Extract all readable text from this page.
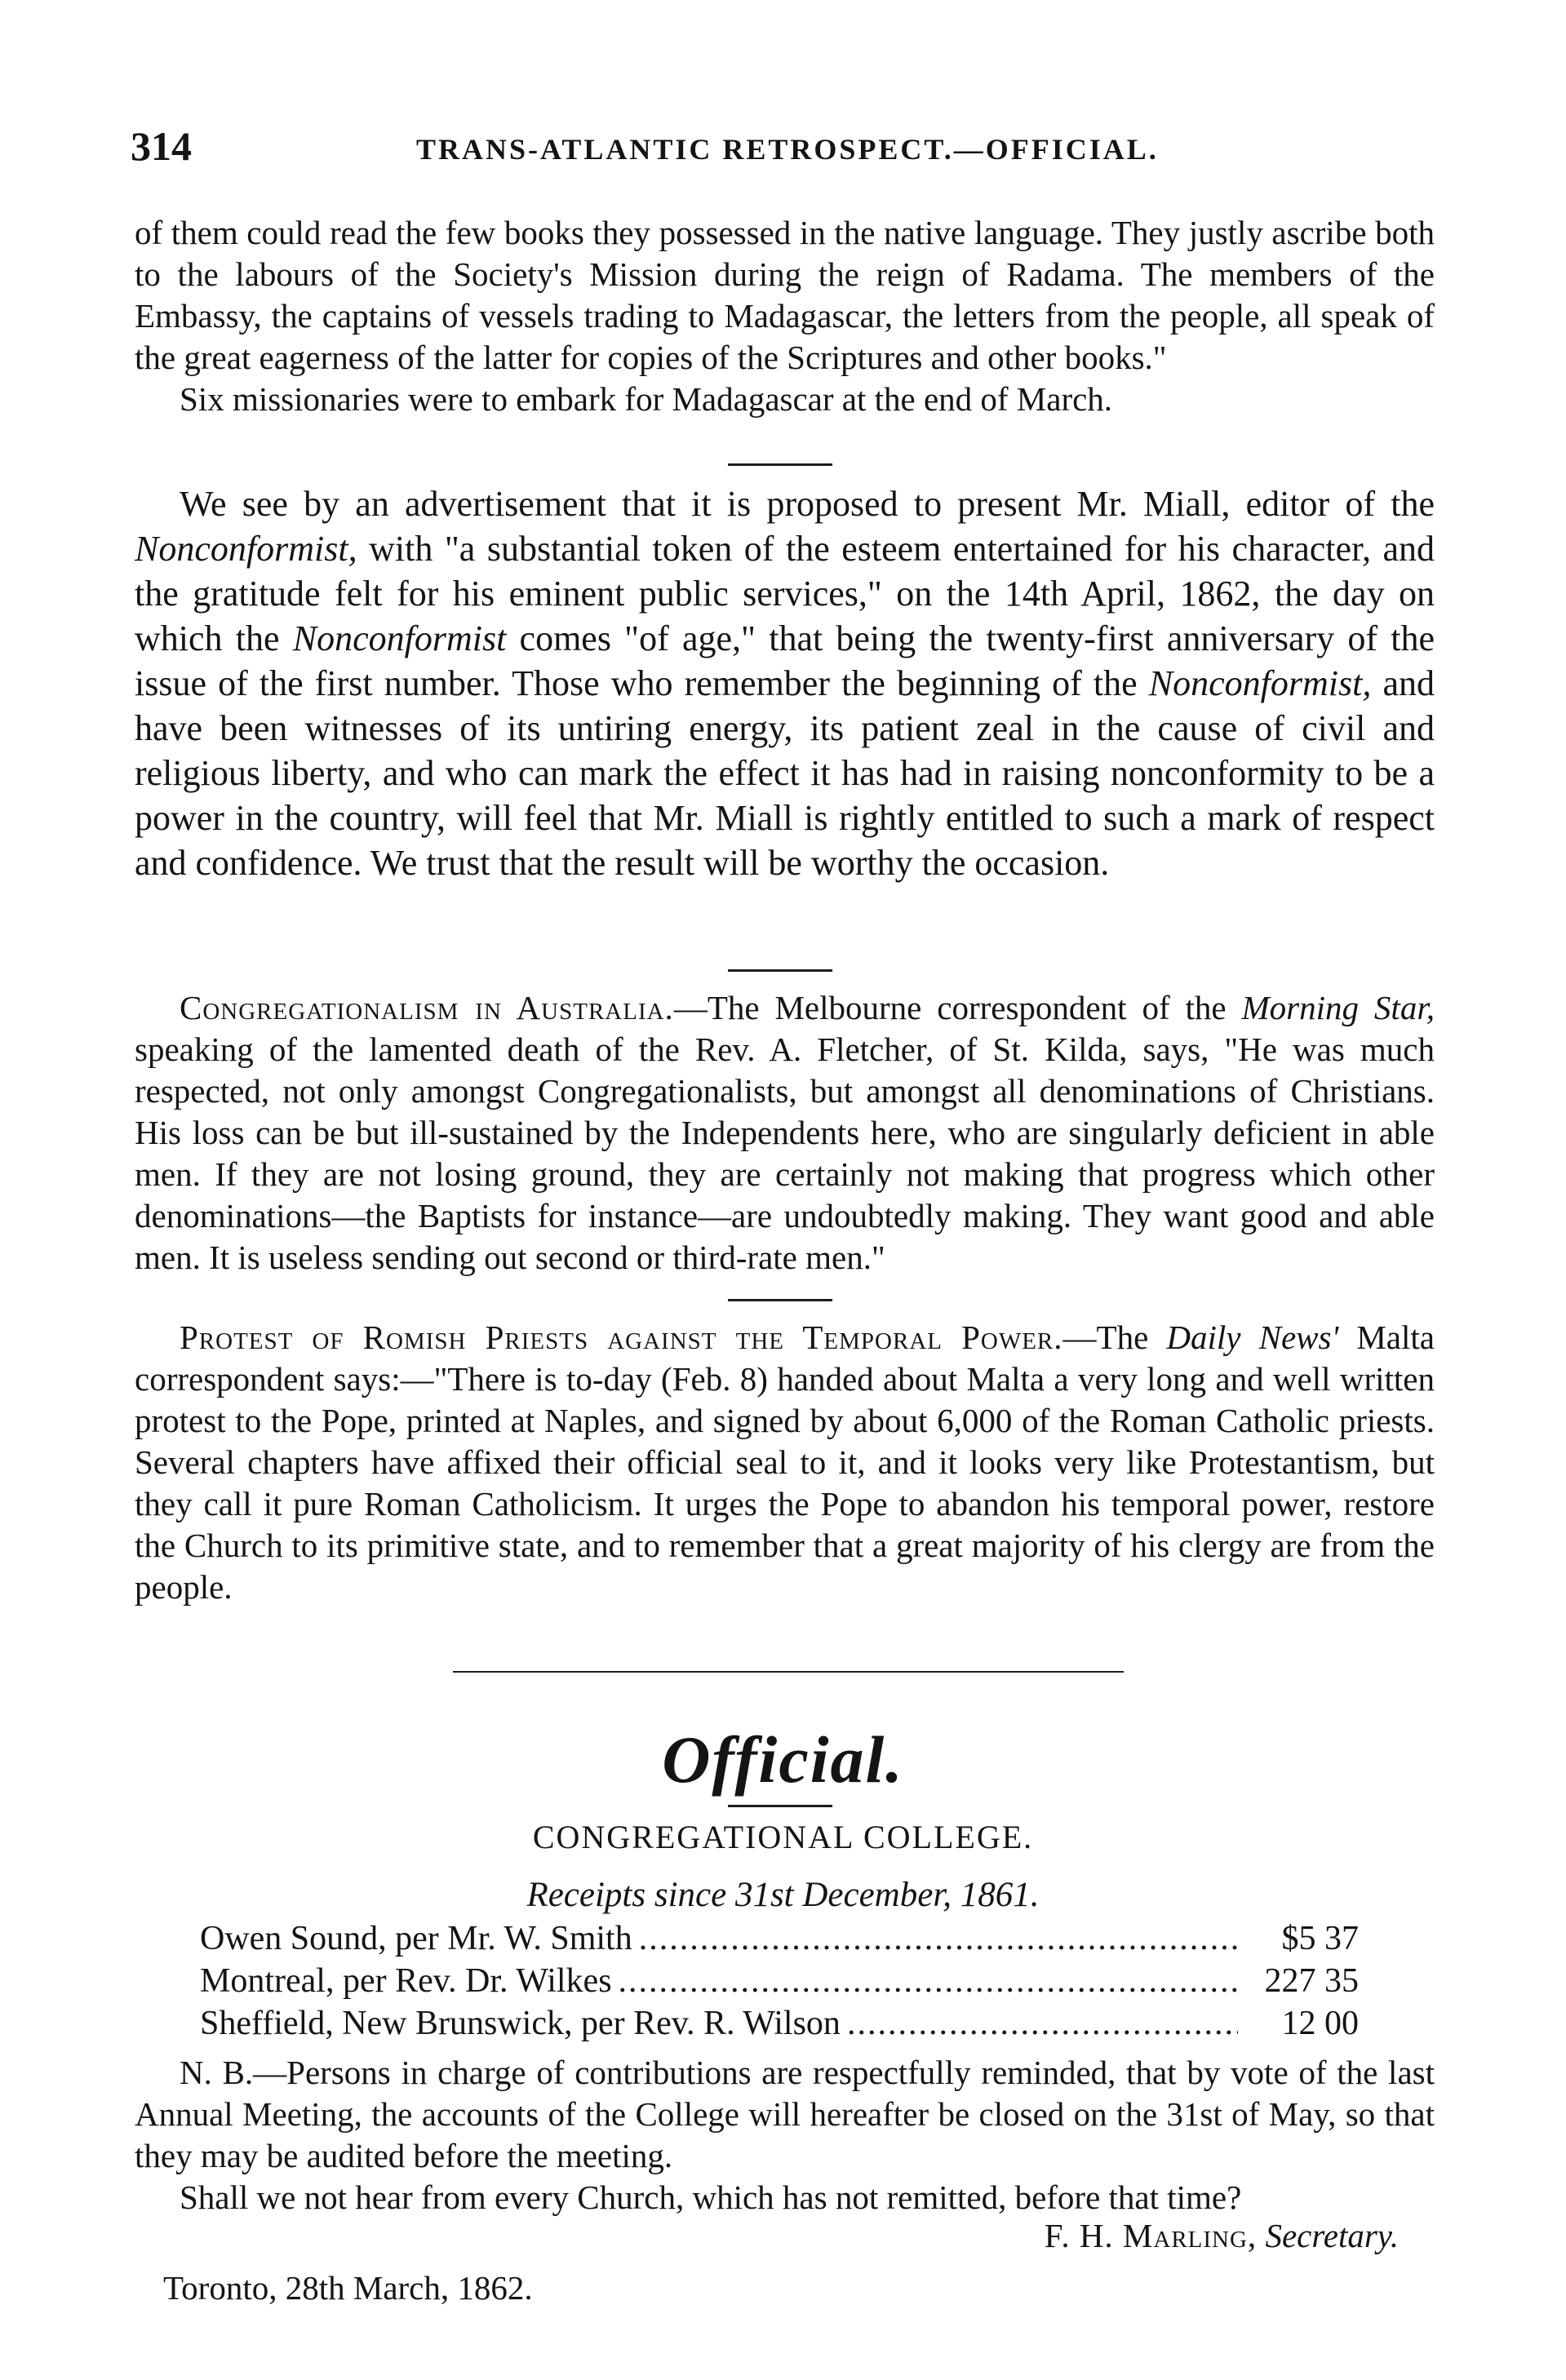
314	TRANS-ATLANTIC RETROSPECT.—OFFICIAL.

of them could read the few books they possessed in the native language. They justly ascribe both to the labours of the Society's Mission during the reign of Radama. The members of the Embassy, the captains of vessels trading to Madagascar, the letters from the people, all speak of the great eagerness of the latter for copies of the Scriptures and other books."

Six missionaries were to embark for Madagascar at the end of March.

We see by an advertisement that it is proposed to present Mr. Miall, editor of the Nonconformist, with "a substantial token of the esteem entertained for his character, and the gratitude felt for his eminent public services," on the 14th April, 1862, the day on which the Nonconformist comes "of age," that being the twenty-first anniversary of the issue of the first number. Those who remember the beginning of the Nonconformist, and have been witnesses of its untiring energy, its patient zeal in the cause of civil and religious liberty, and who can mark the effect it has had in raising nonconformity to be a power in the country, will feel that Mr. Miall is rightly entitled to such a mark of respect and confidence. We trust that the result will be worthy the occasion.

Congregationalism in Australia.—The Melbourne correspondent of the Morning Star, speaking of the lamented death of the Rev. A. Fletcher, of St. Kilda, says, "He was much respected, not only amongst Congregationalists, but amongst all denominations of Christians. His loss can be but ill-sustained by the Independents here, who are singularly deficient in able men. If they are not losing ground, they are certainly not making that progress which other denominations—the Baptists for instance—are undoubtedly making. They want good and able men. It is useless sending out second or third-rate men."

Protest of Romish Priests against the Temporal Power.—The Daily News' Malta correspondent says:—"There is to-day (Feb. 8) handed about Malta a very long and well written protest to the Pope, printed at Naples, and signed by about 6,000 of the Roman Catholic priests. Several chapters have affixed their official seal to it, and it looks very like Protestantism, but they call it pure Roman Catholicism. It urges the Pope to abandon his temporal power, restore the Church to its primitive state, and to remember that a great majority of his clergy are from the people.

Official.
CONGREGATIONAL COLLEGE.
Receipts since 31st December, 1861.
Owen Sound, per Mr. W. Smith .....	$5 37
Montreal, per Rev. Dr. Wilkes .....	227 35
Sheffield, New Brunswick, per Rev. R. Wilson .....	12 00

N. B.—Persons in charge of contributions are respectfully reminded, that by vote of the last Annual Meeting, the accounts of the College will hereafter be closed on the 31st of May, so that they may be audited before the meeting.

Shall we not hear from every Church, which has not remitted, before that time?

F. H. Marling, Secretary.
Toronto, 28th March, 1862.
